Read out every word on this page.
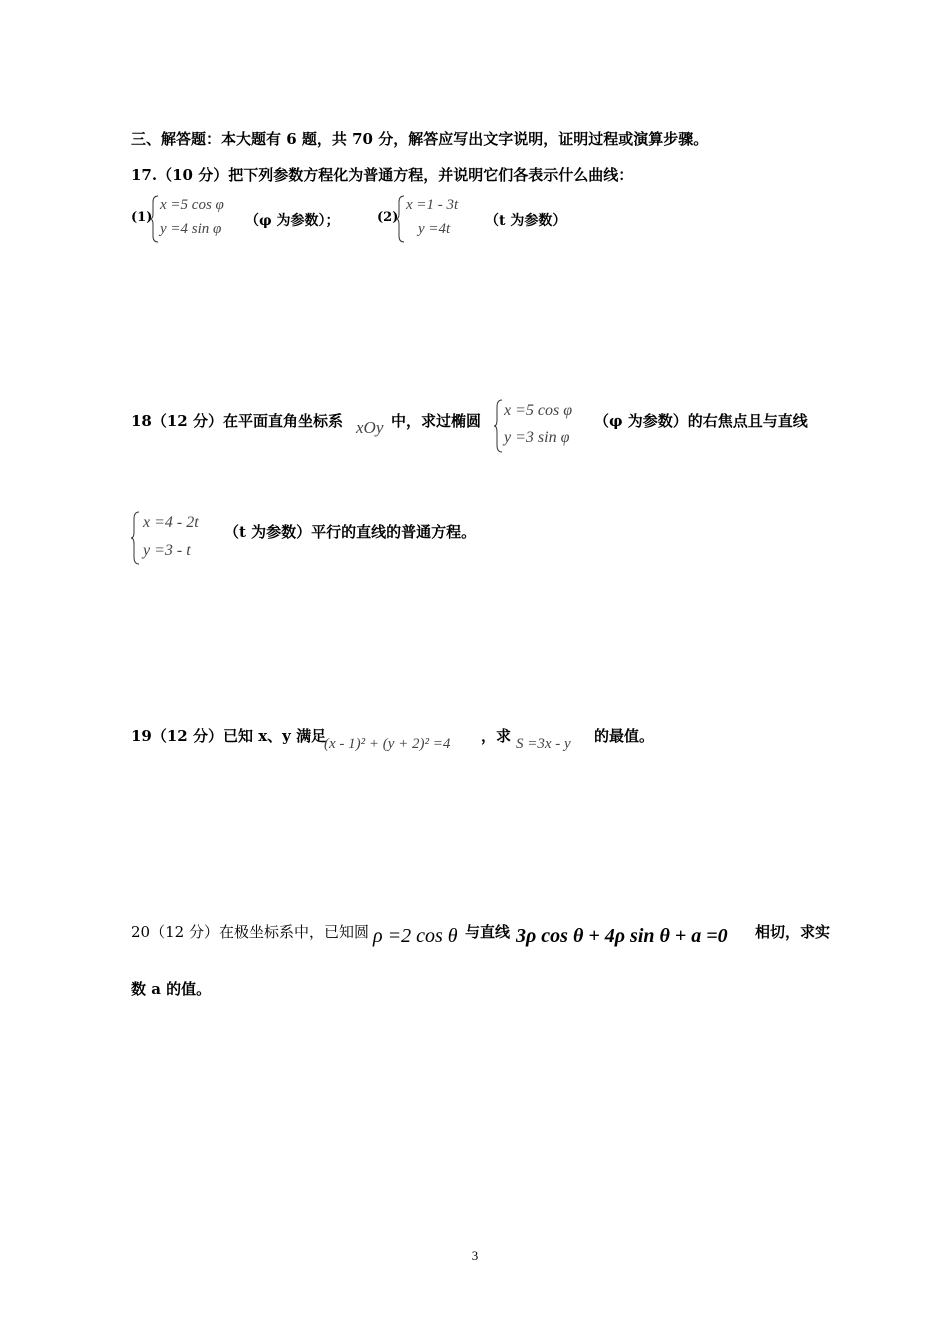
三、解答题：本大题有 6 题，共 70 分，解答应写出文字说明，证明过程或演算步骤。
17.（10 分）把下列参数方程化为普通方程，并说明它们各表示什么曲线：
(1)
x =5 cos φ
y =4 sin φ （φ 为参数）；	(2)
x =1 - 3t
y =4t （t 为参数）
18（12 分）在平面直角坐标系 xOy 中，求过椭圆
x =5 cos φ
y =3 sin φ
（φ 为参数）的右焦点且与直线
x =4 - 2t
y =3 - t
（t 为参数）平行的直线的普通方程。
19（12 分）已知 x、y 满足
(x - 1)² + (y + 2)² =4 ，求 S =3x - y 的最值。
20（12 分）在极坐标系中，已知圆 ρ =2 cos θ 与直线 3ρ cos θ + 4ρ sin θ + a =0 相切，求实
数 a 的值。
3
